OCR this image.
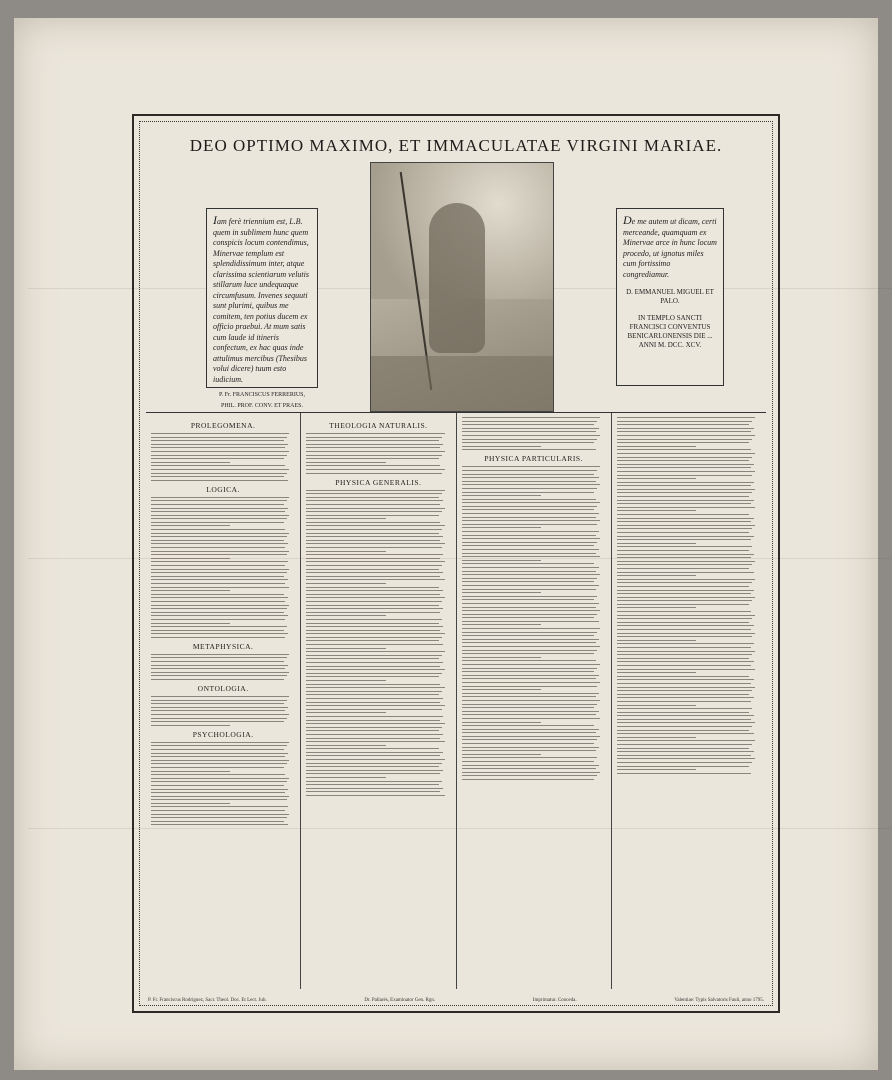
DEO OPTIMO MAXIMO, ET IMMACULATAE VIRGINI MARIAE.
Iam ferè triennium est, L.B. quem in sublimem hunc quem conspicis locum contendimus, Minervae templum est splendidissimum inter, atque clarissima scientiarum velutis stillarum luce undequaque circumfusum. Invenes sequuti sunt plurimi, quibus me comitem, ten potius ducem ex officio praebui. At mum satis cum laude id itineris confectum, ex hac quas inde attulimus mercibus (Thesibus volui dicere) tuum esto iudicium.
P. Fr. FRANCISCUS FERRERIUS, PHIL. PROF. CONV. ET PRAES.
De me autem ut dicam, certi merceande, quamquam ex Minervae arce in hunc locum procedo, ut ignotus miles cum fortissimo congrediamur.
D. EMMANUEL MIGUEL ET PALO.
IN TEMPLO SANCTI FRANCISCI CONVENTUS BENICARLONENSIS DIE ... ANNI M. DCC. XCV.
PROLEGOMENA.
LOGICA.
METAPHYSICA.
ONTOLOGIA.
PSYCHOLOGIA.
THEOLOGIA NATURALIS.
PHYSICA GENERALIS.
PHYSICA PARTICULARIS.
P. Fr. Franciscus Rodriguez, Sacr. Theol. Doc. Et Lect. Jub.	Dr. Pallarés, Examinator Gen. Rgn.	Imprimatur. Conceda.	Valentiae: Typis Salvatoris Fauli, anno 1795.
